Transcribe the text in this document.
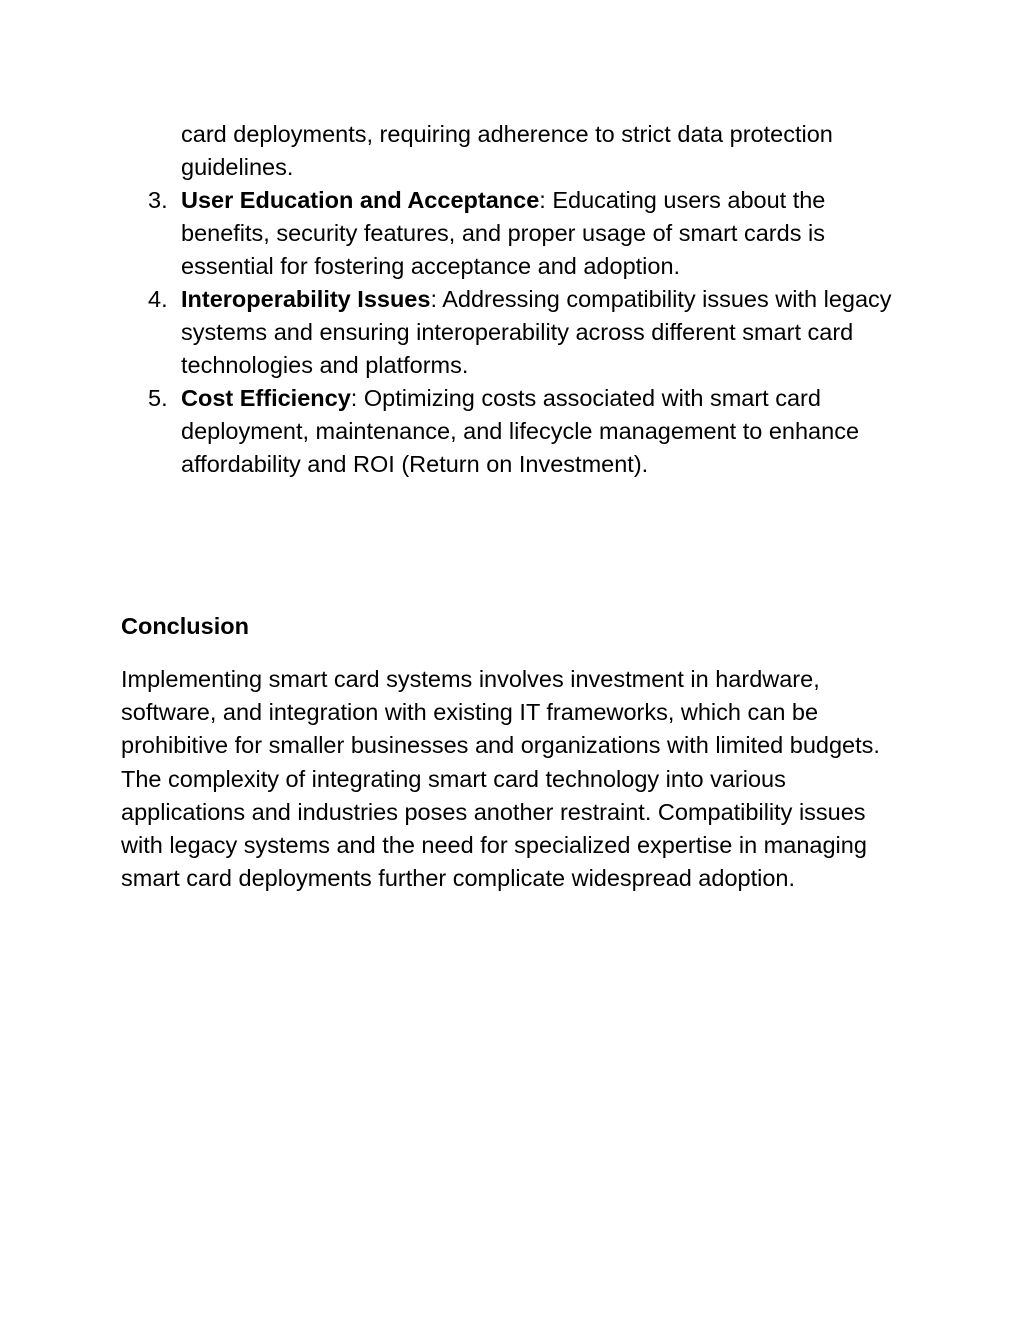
card deployments, requiring adherence to strict data protection guidelines.
3. User Education and Acceptance: Educating users about the benefits, security features, and proper usage of smart cards is essential for fostering acceptance and adoption.
4. Interoperability Issues: Addressing compatibility issues with legacy systems and ensuring interoperability across different smart card technologies and platforms.
5. Cost Efficiency: Optimizing costs associated with smart card deployment, maintenance, and lifecycle management to enhance affordability and ROI (Return on Investment).
Conclusion

Implementing smart card systems involves investment in hardware, software, and integration with existing IT frameworks, which can be prohibitive for smaller businesses and organizations with limited budgets. The complexity of integrating smart card technology into various applications and industries poses another restraint. Compatibility issues with legacy systems and the need for specialized expertise in managing smart card deployments further complicate widespread adoption.
